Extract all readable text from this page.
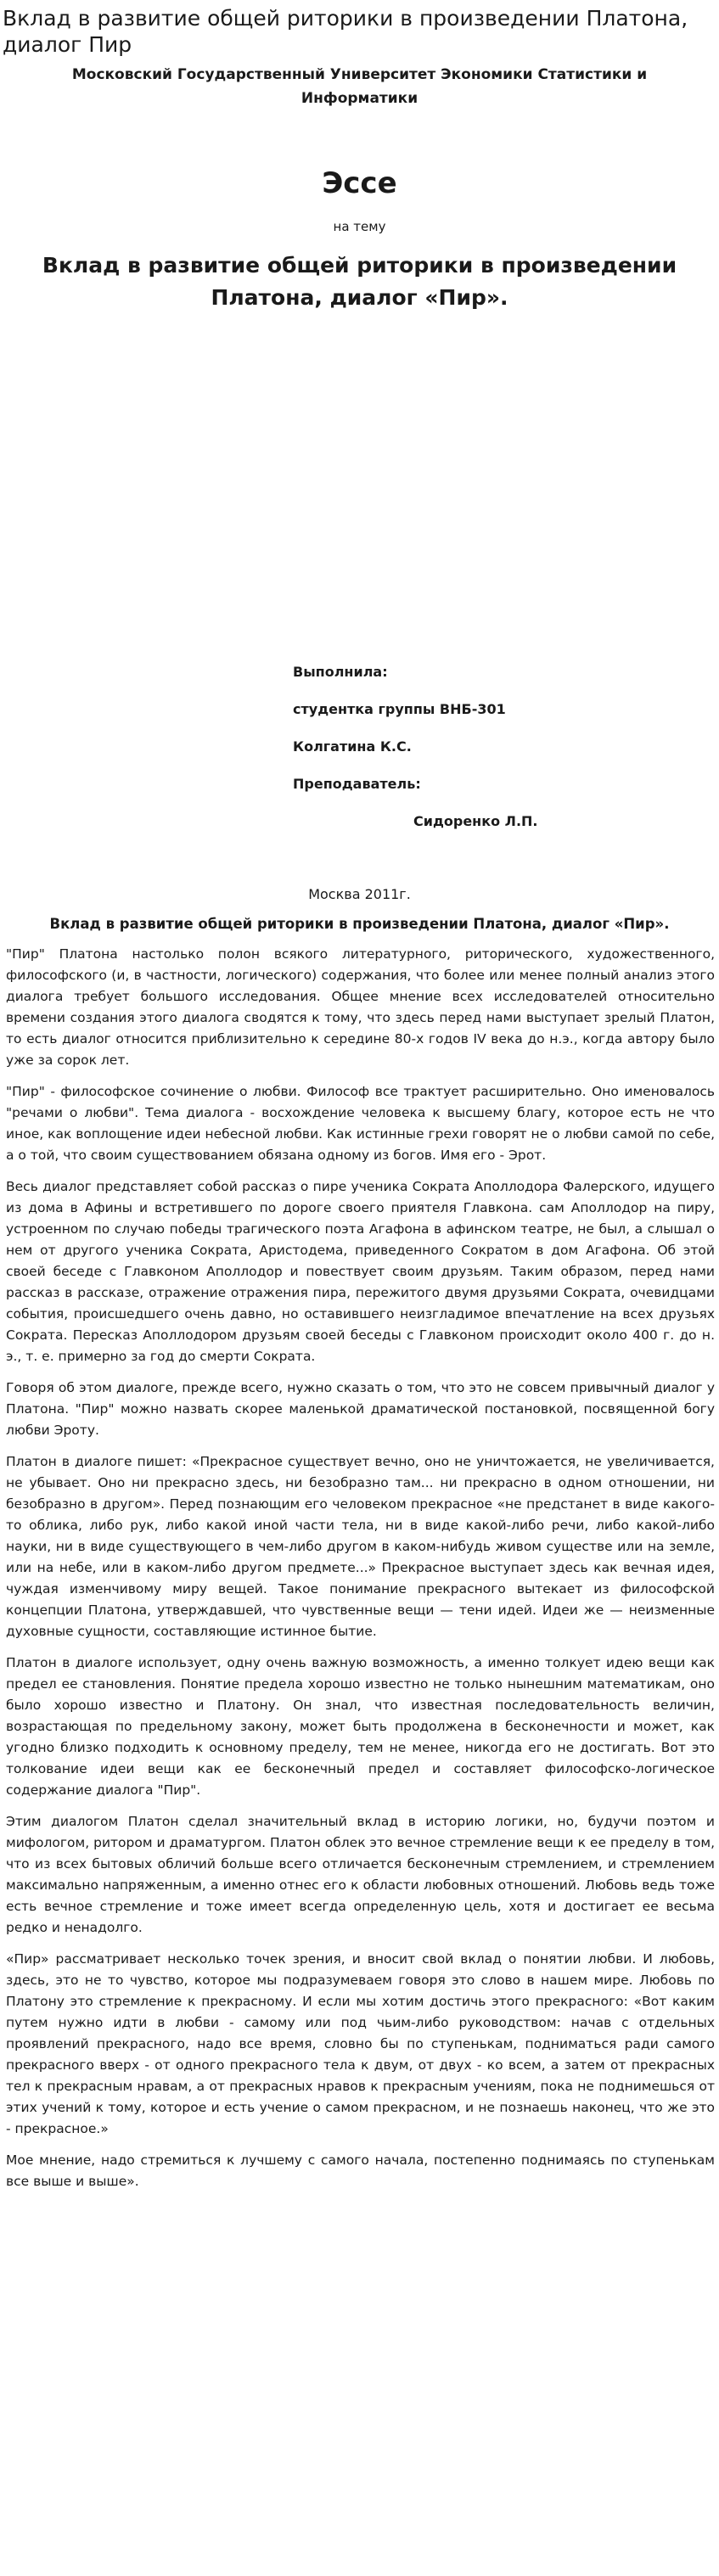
Вклад в развитие общей риторики в произведении Платона, диалог Пир
Московский Государственный Университет Экономики Статистики и Информатики
Эссе
на тему
Вклад в развитие общей риторики в произведении Платона, диалог «Пир».
Выполнила:
студентка группы ВНБ-301
Колгатина К.С.
Преподаватель:
Сидоренко Л.П.
Москва 2011г.
Вклад в развитие общей риторики в произведении Платона, диалог «Пир».

"Пир" Платона настолько полон всякого литературного, риторического, художественного, философского (и, в частности, логического) содержания, что более или менее полный анализ этого диалога требует большого исследования. Общее мнение всех исследователей относительно времени создания этого диалога сводятся к тому, что здесь перед нами выступает зрелый Платон, то есть диалог относится приблизительно к середине 80-х годов IV века до н.э., когда автору было уже за сорок лет.

"Пир" - философское сочинение о любви. Философ все трактует расширительно. Оно именовалось "речами о любви". Тема диалога - восхождение человека к высшему благу, которое есть не что иное, как воплощение идеи небесной любви. Как истинные грехи говорят не о любви самой по себе, а о той, что своим существованием обязана одному из богов. Имя его - Эрот.

Весь диалог представляет собой рассказ о пире ученика Сократа Аполлодора Фалерского, идущего из дома в Афины и встретившего по дороге своего приятеля Главкона. сам Аполлодор на пиру, устроенном по случаю победы трагического поэта Агафона в афинском театре, не был, а слышал о нем от другого ученика Сократа, Аристодема, приведенного Сократом в дом Агафона. Об этой своей беседе с Главконом Аполлодор и повествует своим друзьям. Таким образом, перед нами рассказ в рассказе, отражение отражения пира, пережитого двумя друзьями Сократа, очевидцами события, происшедшего очень давно, но оставившего неизгладимое впечатление на всех друзьях Сократа. Пересказ Аполлодором друзьям своей беседы с Главконом происходит около 400 г. до н. э., т. е. примерно за год до смерти Сократа.

Говоря об этом диалоге, прежде всего, нужно сказать о том, что это не совсем привычный диалог у Платона. "Пир" можно назвать скорее маленькой драматической постановкой, посвященной богу любви Эроту.

Платон в диалоге пишет: «Прекрасное существует вечно, оно не уничтожается, не увеличивается, не убывает. Оно ни прекрасно здесь, ни безобразно там... ни прекрасно в одном отношении, ни безобразно в другом». Перед познающим его человеком прекрасное «не предстанет в виде какого-то облика, либо рук, либо какой иной части тела, ни в виде какой-либо речи, либо какой-либо науки, ни в виде существующего в чем-либо другом в каком-нибудь живом существе или на земле, или на небе, или в каком-либо другом предмете...» Прекрасное выступает здесь как вечная идея, чуждая изменчивому миру вещей. Такое понимание прекрасного вытекает из философской концепции Платона, утверждавшей, что чувственные вещи — тени идей. Идеи же — неизменные духовные сущности, составляющие истинное бытие.

Платон в диалоге использует, одну очень важную возможность, а именно толкует идею вещи как предел ее становления. Понятие предела хорошо известно не только нынешним математикам, оно было хорошо известно и Платону. Он знал, что известная последовательность величин, возрастающая по предельному закону, может быть продолжена в бесконечности и может, как угодно близко подходить к основному пределу, тем не менее, никогда его не достигать. Вот это толкование идеи вещи как ее бесконечный предел и составляет философско-логическое содержание диалога "Пир".

Этим диалогом Платон сделал значительный вклад в историю логики, но, будучи поэтом и мифологом, ритором и драматургом. Платон облек это вечное стремление вещи к ее пределу в том, что из всех бытовых обличий больше всего отличается бесконечным стремлением, и стремлением максимально напряженным, а именно отнес его к области любовных отношений. Любовь ведь тоже есть вечное стремление и тоже имеет всегда определенную цель, хотя и достигает ее весьма редко и ненадолго.

«Пир» рассматривает несколько точек зрения, и вносит свой вклад о понятии любви. И любовь, здесь, это не то чувство, которое мы подразумеваем говоря это слово в нашем мире. Любовь по Платону это стремление к прекрасному. И если мы хотим достичь этого прекрасного: «Вот каким путем нужно идти в любви - самому или под чьим-либо руководством: начав с отдельных проявлений прекрасного, надо все время, словно бы по ступенькам, подниматься ради самого прекрасного вверх - от одного прекрасного тела к двум, от двух - ко всем, а затем от прекрасных тел к прекрасным нравам, а от прекрасных нравов к прекрасным учениям, пока не поднимешься от этих учений к тому, которое и есть учение о самом прекрасном, и не познаешь наконец, что же это - прекрасное.»

Мое мнение, надо стремиться к лучшему с самого начала, постепенно поднимаясь по ступенькам все выше и выше».
